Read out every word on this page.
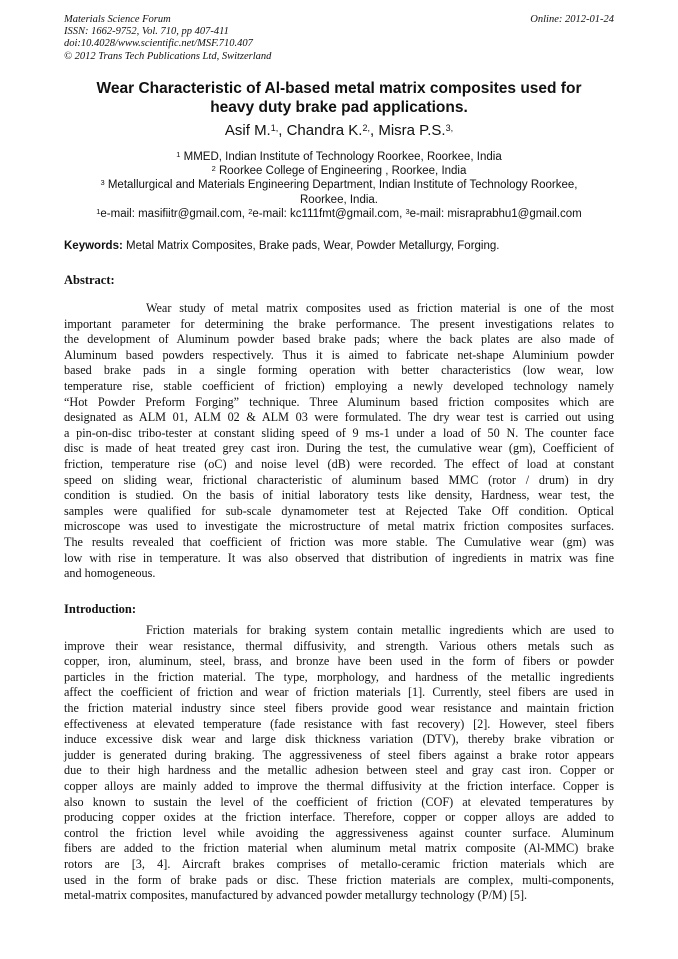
Materials Science Forum
ISSN: 1662-9752, Vol. 710, pp 407-411
doi:10.4028/www.scientific.net/MSF.710.407
© 2012 Trans Tech Publications Ltd, Switzerland
Online: 2012-01-24
Wear Characteristic of Al-based metal matrix composites used for
heavy duty brake pad applications.
Asif M.$^{1,}$, Chandra K.$^{2,}$, Misra P.S.$^{3,}$
$^1$ MMED, Indian Institute of Technology Roorkee, Roorkee, India
$^2$ Roorkee College of Engineering , Roorkee, India
$^3$ Metallurgical and Materials Engineering Department, Indian Institute of Technology Roorkee,
Roorkee, India.
$^1$e-mail: masifiitr@gmail.com, $^2$e-mail: kc111fmt@gmail.com, $^3$e-mail: misraprabhu1@gmail.com
Keywords: Metal Matrix Composites, Brake pads, Wear, Powder Metallurgy, Forging.
Abstract:
Wear study of metal matrix composites used as friction material is one of the most
important parameter for determining the brake performance. The present investigations relates to
the development of Aluminum powder based brake pads; where the back plates are also made of
Aluminum based powders respectively. Thus it is aimed to fabricate net-shape Aluminium powder
based brake pads in a single forming operation with better characteristics (low wear, low
temperature rise, stable coefficient of friction) employing a newly developed technology namely
“Hot Powder Preform Forging” technique. Three Aluminum based friction composites which are
designated as ALM 01, ALM 02 & ALM 03 were formulated. The dry wear test is carried out using
a pin-on-disc tribo-tester at constant sliding speed of 9 ms-1 under a load of 50 N. The counter face
disc is made of heat treated grey cast iron. During the test, the cumulative wear (gm), Coefficient of
friction, temperature rise (oC) and noise level (dB) were recorded. The effect of load at constant
speed on sliding wear, frictional characteristic of aluminum based MMC (rotor / drum) in dry
condition is studied. On the basis of initial laboratory tests like density, Hardness, wear test, the
samples were qualified for sub-scale dynamometer test at Rejected Take Off condition. Optical
microscope was used to investigate the microstructure of metal matrix friction composites surfaces.
The results revealed that coefficient of friction was more stable. The Cumulative wear (gm) was
low with rise in temperature. It was also observed that distribution of ingredients in matrix was fine
and homogeneous.
Introduction:
Friction materials for braking system contain metallic ingredients which are used to
improve their wear resistance, thermal diffusivity, and strength. Various others metals such as
copper, iron, aluminum, steel, brass, and bronze have been used in the form of fibers or powder
particles in the friction material. The type, morphology, and hardness of the metallic ingredients
affect the coefficient of friction and wear of friction materials [1]. Currently, steel fibers are used in
the friction material industry since steel fibers provide good wear resistance and maintain friction
effectiveness at elevated temperature (fade resistance with fast recovery) [2]. However, steel fibers
induce excessive disk wear and large disk thickness variation (DTV), thereby brake vibration or
judder is generated during braking. The aggressiveness of steel fibers against a brake rotor appears
due to their high hardness and the metallic adhesion between steel and gray cast iron. Copper or
copper alloys are mainly added to improve the thermal diffusivity at the friction interface. Copper is
also known to sustain the level of the coefficient of friction (COF) at elevated temperatures by
producing copper oxides at the friction interface. Therefore, copper or copper alloys are added to
control the friction level while avoiding the aggressiveness against counter surface. Aluminum
fibers are added to the friction material when aluminum metal matrix composite (Al-MMC) brake
rotors are [3, 4]. Aircraft brakes comprises of metallo-ceramic friction materials which are
used in the form of brake pads or disc. These friction materials are complex, multi-components,
metal-matrix composites, manufactured by advanced powder metallurgy technology (P/M) [5].
